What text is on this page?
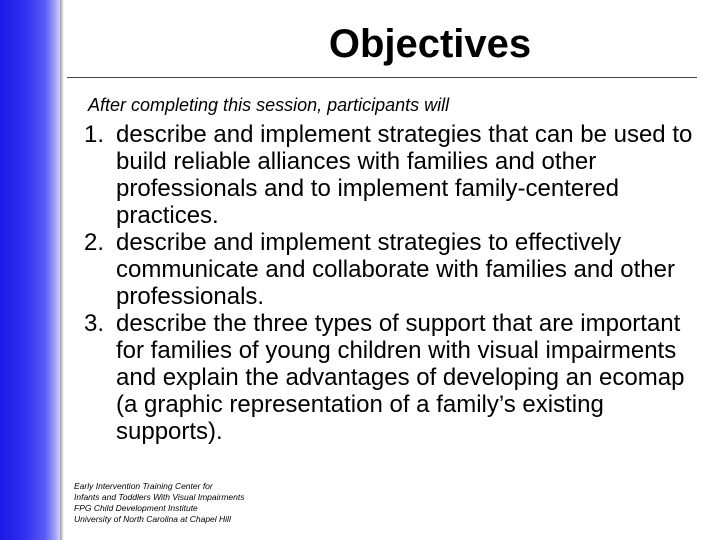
Objectives
After completing this session, participants will
1. describe and implement strategies that can be used to build reliable alliances with families and other professionals and to implement family-centered practices.
2. describe and implement strategies to effectively communicate and collaborate with families and other professionals.
3. describe the three types of support that are important for families of young children with visual impairments and explain the advantages of developing an ecomap (a graphic representation of a family’s existing supports).
Early Intervention Training Center for
Infants and Toddlers With Visual Impairments
FPG Child Development Institute
University of North Carolina at Chapel Hill
